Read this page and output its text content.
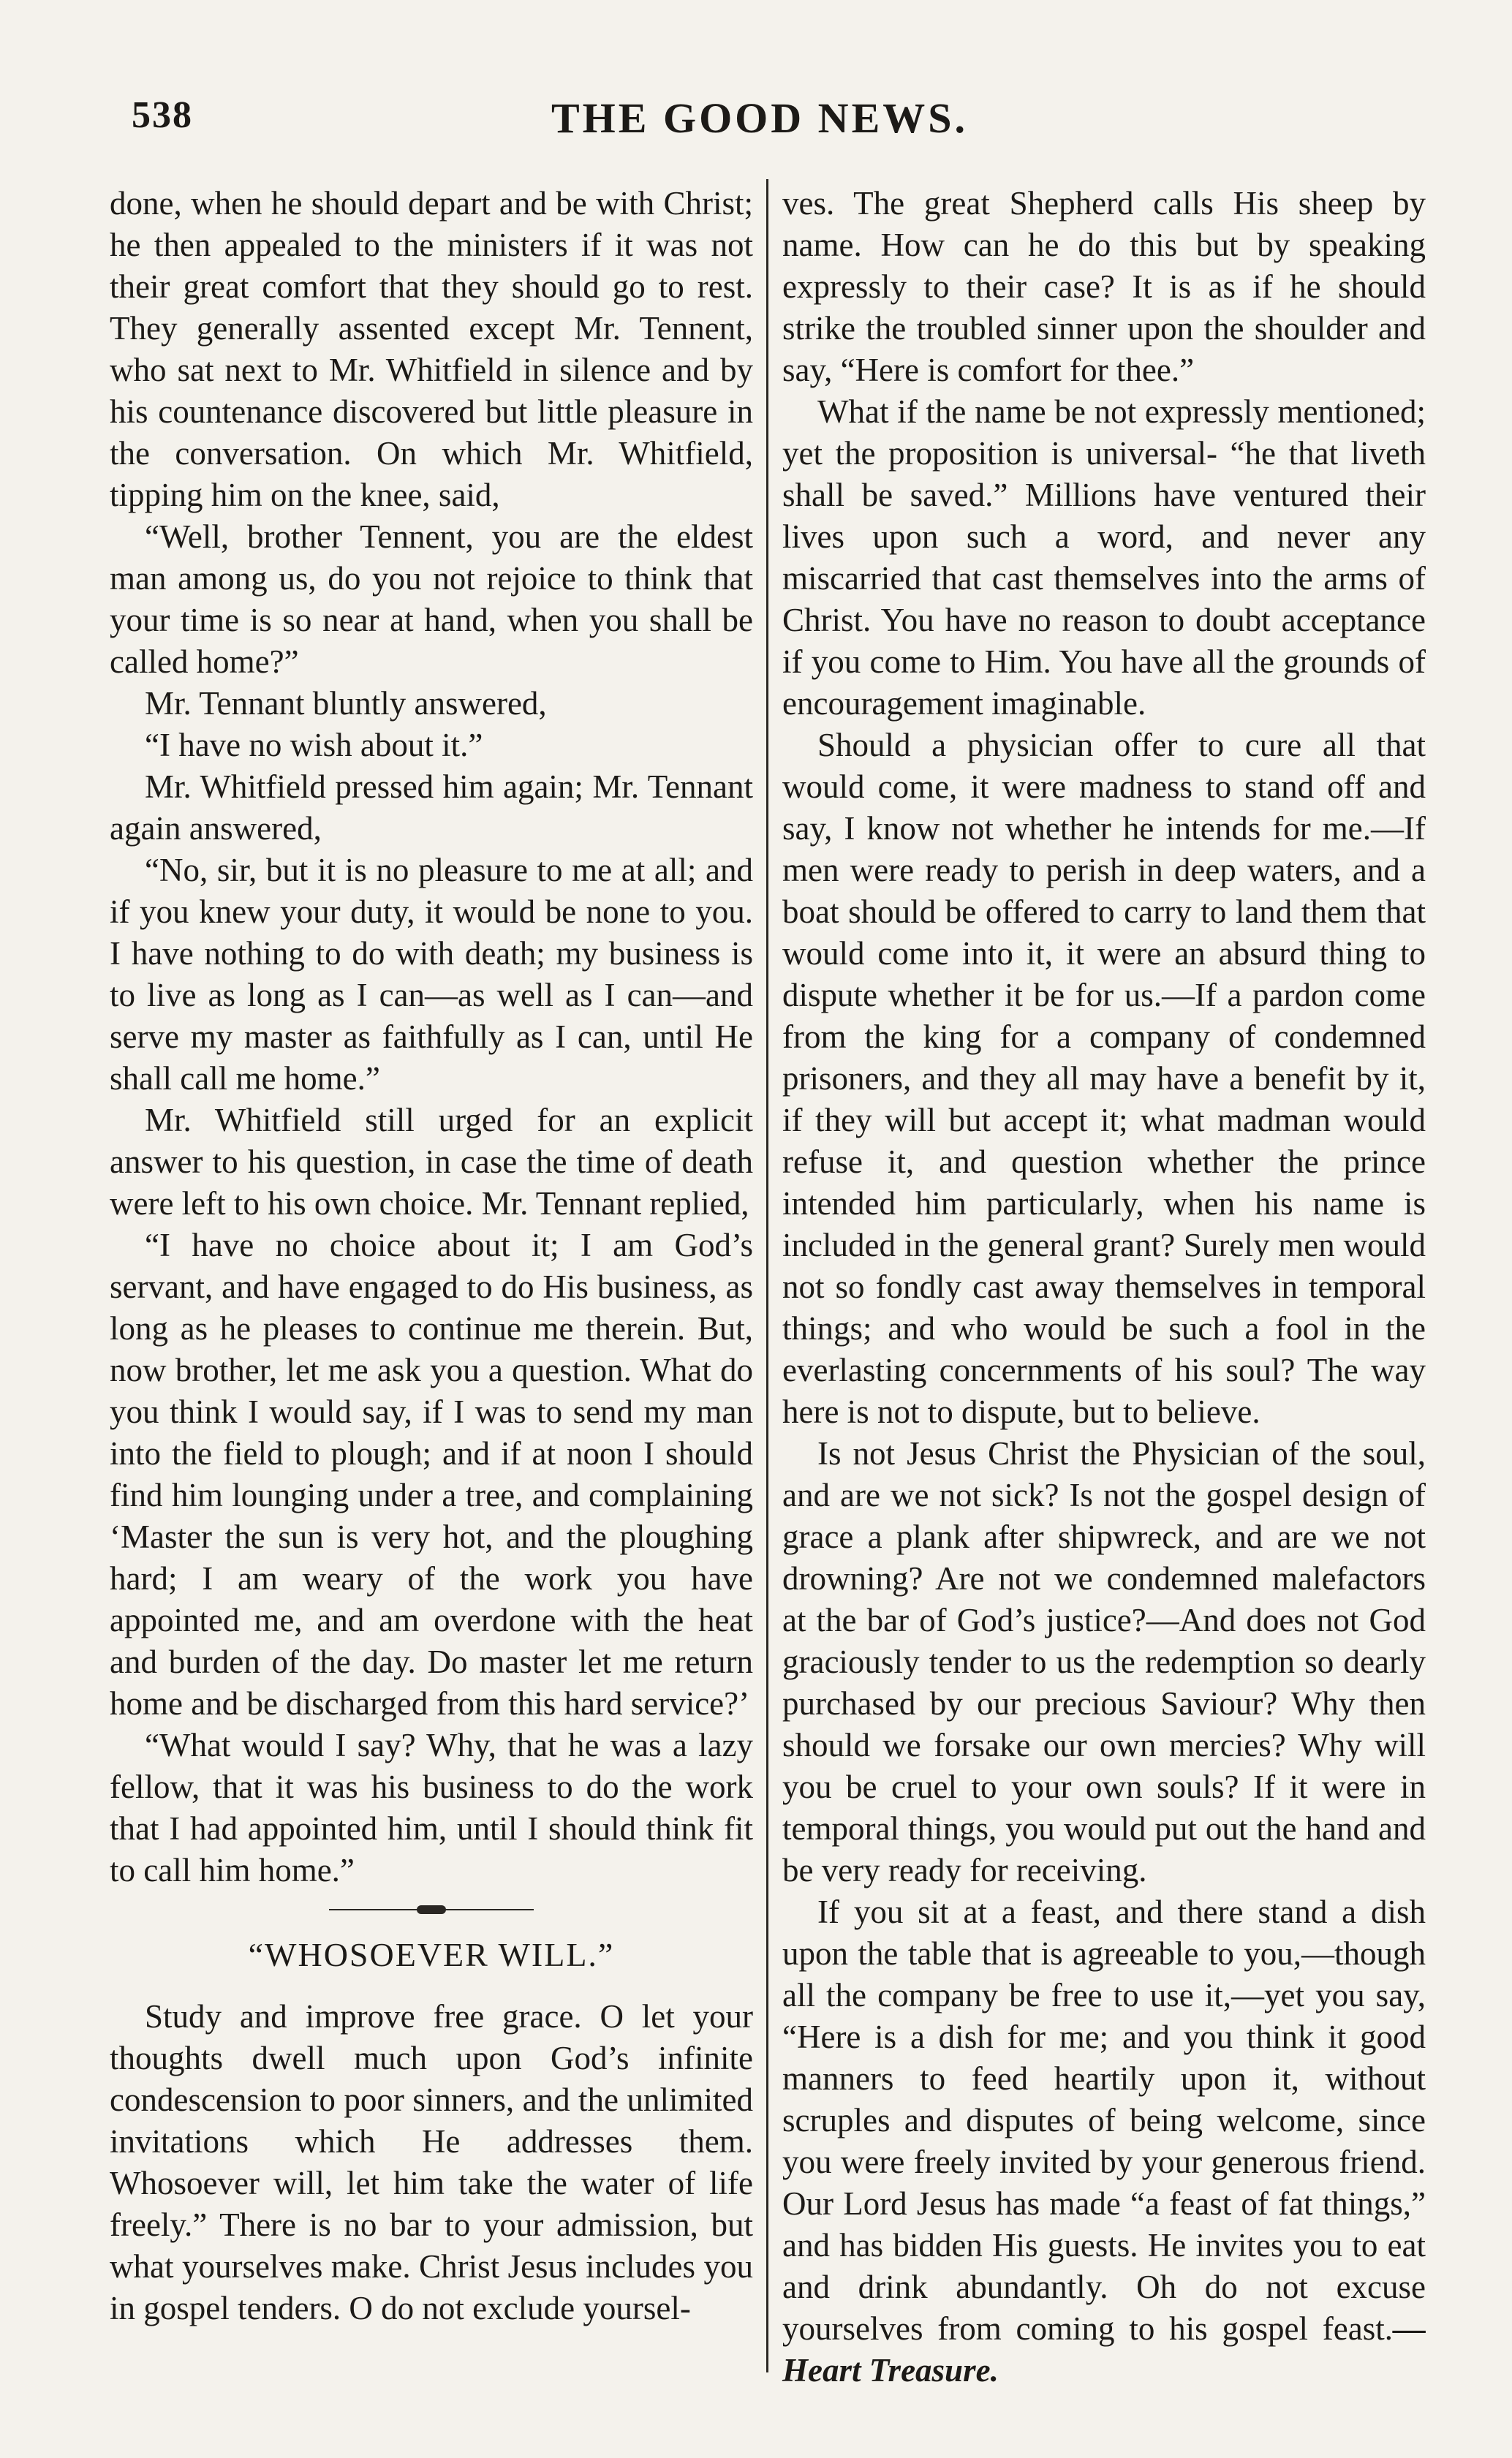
538	THE GOOD NEWS.

done, when he should depart and be with Christ; he then appealed to the ministers if it was not their great comfort that they should go to rest. They generally assented except Mr. Tennent, who sat next to Mr. Whitfield in silence and by his countenance discovered but little pleasure in the conversation. On which Mr. Whitfield, tipping him on the knee, said,

“Well, brother Tennent, you are the eldest man among us, do you not rejoice to think that your time is so near at hand, when you shall be called home?”

Mr. Tennant bluntly answered,

“I have no wish about it.”

Mr. Whitfield pressed him again; Mr. Tennant again answered,

“No, sir, but it is no pleasure to me at all; and if you knew your duty, it would be none to you. I have nothing to do with death; my business is to live as long as I can—as well as I can—and serve my master as faithfully as I can, until He shall call me home.”

Mr. Whitfield still urged for an explicit answer to his question, in case the time of death were left to his own choice. Mr. Tennant replied,

“I have no choice about it; I am God’s servant, and have engaged to do His business, as long as he pleases to continue me therein. But, now brother, let me ask you a question. What do you think I would say, if I was to send my man into the field to plough; and if at noon I should find him lounging under a tree, and complaining ‘Master the sun is very hot, and the ploughing hard; I am weary of the work you have appointed me, and am overdone with the heat and burden of the day. Do master let me return home and be discharged from this hard service?’

“What would I say? Why, that he was a lazy fellow, that it was his business to do the work that I had appointed him, until I should think fit to call him home.”

“WHOSOEVER WILL.”

Study and improve free grace. O let your thoughts dwell much upon God’s infinite condescension to poor sinners, and the unlimited invitations which He addresses them. Whosoever will, let him take the water of life freely.” There is no bar to your admission, but what yourselves make. Christ Jesus includes you in gospel tenders. O do not exclude yoursel-

ves. The great Shepherd calls His sheep by name. How can he do this but by speaking expressly to their case? It is as if he should strike the troubled sinner upon the shoulder and say, “Here is comfort for thee.”

What if the name be not expressly mentioned; yet the proposition is universal- “he that liveth shall be saved.” Millions have ventured their lives upon such a word, and never any miscarried that cast themselves into the arms of Christ. You have no reason to doubt acceptance if you come to Him. You have all the grounds of encouragement imaginable.

Should a physician offer to cure all that would come, it were madness to stand off and say, I know not whether he intends for me.—If men were ready to perish in deep waters, and a boat should be offered to carry to land them that would come into it, it were an absurd thing to dispute whether it be for us.—If a pardon come from the king for a company of condemned prisoners, and they all may have a benefit by it, if they will but accept it; what madman would refuse it, and question whether the prince intended him particularly, when his name is included in the general grant? Surely men would not so fondly cast away themselves in temporal things; and who would be such a fool in the everlasting concernments of his soul? The way here is not to dispute, but to believe.

Is not Jesus Christ the Physician of the soul, and are we not sick? Is not the gospel design of grace a plank after shipwreck, and are we not drowning? Are not we condemned malefactors at the bar of God’s justice?—And does not God graciously tender to us the redemption so dearly purchased by our precious Saviour? Why then should we forsake our own mercies? Why will you be cruel to your own souls? If it were in temporal things, you would put out the hand and be very ready for receiving.

If you sit at a feast, and there stand a dish upon the table that is agreeable to you,—though all the company be free to use it,—yet you say, “Here is a dish for me; and you think it good manners to feed heartily upon it, without scruples and disputes of being welcome, since you were freely invited by your generous friend. Our Lord Jesus has made “a feast of fat things,” and has bidden His guests. He invites you to eat and drink abundantly. Oh do not excuse yourselves from coming to his gospel feast.—Heart Treasure.
